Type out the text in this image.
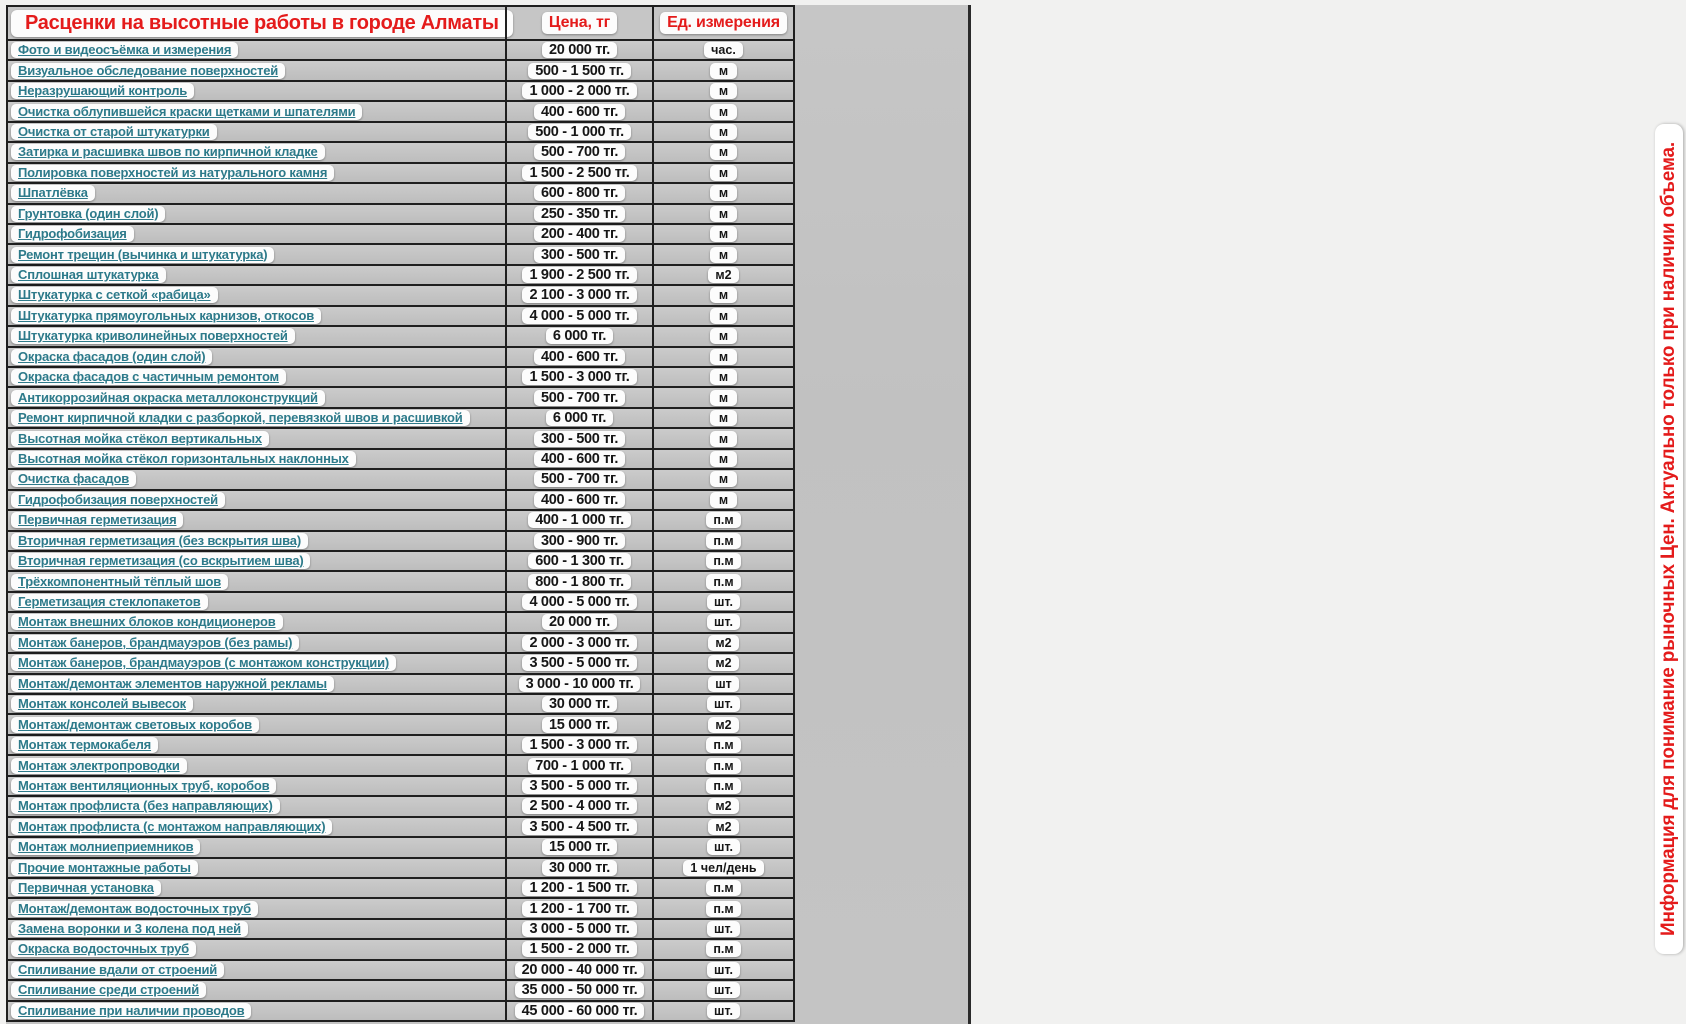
Расценки на высотные работы в городе Алматы	Цена, тг	Ед. измерения
Фото и видеосъёмка и измерения	20 000 тг.	час.
Визуальное обследование поверхностей	500 - 1 500 тг.	м
Неразрушающий контроль	1 000 - 2 000 тг.	м
Очистка облупившейся краски щетками и шпателями	400 - 600 тг.	м
Очистка от старой штукатурки	500 - 1 000 тг.	м
Затирка и расшивка швов по кирпичной кладке	500 - 700 тг.	м
Полировка поверхностей из натурального камня	1 500 - 2 500 тг.	м
Шпатлёвка	600 - 800 тг.	м
Грунтовка (один слой)	250 - 350 тг.	м
Гидрофобизация	200 - 400 тг.	м
Ремонт трещин (вычинка и штукатурка)	300 - 500 тг.	м
Сплошная штукатурка	1 900 - 2 500 тг.	м2
Штукатурка с сеткой «рабица»	2 100 - 3 000 тг.	м
Штукатурка прямоугольных карнизов, откосов	4 000 - 5 000 тг.	м
Штукатурка криволинейных поверхностей	6 000 тг.	м
Окраска фасадов (один слой)	400 - 600 тг.	м
Окраска фасадов с частичным ремонтом	1 500 - 3 000 тг.	м
Антикоррозийная окраска металлоконструкций	500 - 700 тг.	м
Ремонт кирпичной кладки с разборкой, перевязкой швов и расшивкой	6 000 тг.	м
Высотная мойка стёкол вертикальных	300 - 500 тг.	м
Высотная мойка стёкол горизонтальных наклонных	400 - 600 тг.	м
Очистка фасадов	500 - 700 тг.	м
Гидрофобизация поверхностей	400 - 600 тг.	м
Первичная герметизация	400 - 1 000 тг.	п.м
Вторичная герметизация (без вскрытия шва)	300 - 900 тг.	п.м
Вторичная герметизация (со вскрытием шва)	600 - 1 300 тг.	п.м
Трёхкомпонентный тёплый шов	800 - 1 800 тг.	п.м
Герметизация стеклопакетов	4 000 - 5 000 тг.	шт.
Монтаж внешних блоков кондиционеров	20 000 тг.	шт.
Монтаж банеров, брандмауэров (без рамы)	2 000 - 3 000 тг.	м2
Монтаж банеров, брандмауэров (с монтажом конструкции)	3 500 - 5 000 тг.	м2
Монтаж/демонтаж элементов наружной рекламы	3 000 - 10 000 тг.	шт
Монтаж консолей вывесок	30 000 тг.	шт.
Монтаж/демонтаж световых коробов	15 000 тг.	м2
Монтаж термокабеля	1 500 - 3 000 тг.	п.м
Монтаж электропроводки	700 - 1 000 тг.	п.м
Монтаж вентиляционных труб, коробов	3 500 - 5 000 тг.	п.м
Монтаж профлиста (без направляющих)	2 500 - 4 000 тг.	м2
Монтаж профлиста (с монтажом направляющих)	3 500 - 4 500 тг.	м2
Монтаж молниеприемников	15 000 тг.	шт.
Прочие монтажные работы	30 000 тг.	1 чел/день
Первичная установка	1 200 - 1 500 тг.	п.м
Монтаж/демонтаж водосточных труб	1 200 - 1 700 тг.	п.м
Замена воронки и 3 колена под ней	3 000 - 5 000 тг.	шт.
Окраска водосточных труб	1 500 - 2 000 тг.	п.м
Спиливание вдали от строений	20 000 - 40 000 тг.	шт.
Спиливание среди строений	35 000 - 50 000 тг.	шт.
Спиливание при наличии проводов	45 000 - 60 000 тг.	шт.
Информация для понимание рыночных Цен. Актуально только при наличии объема.
